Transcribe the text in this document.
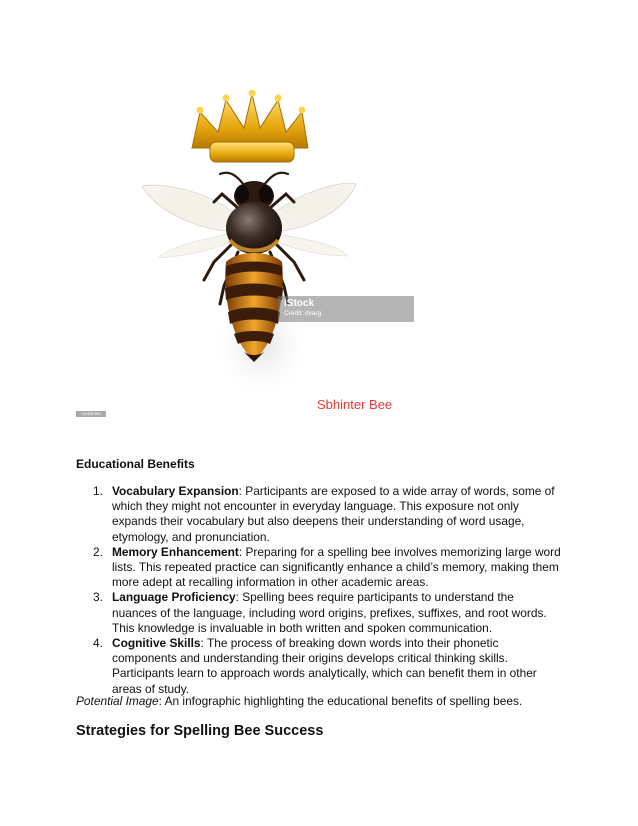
iStock
Credit: dvarg
Sbhinter Bee
1234567890
Educational Benefits
1. Vocabulary Expansion: Participants are exposed to a wide array of words, some of which they might not encounter in everyday language. This exposure not only expands their vocabulary but also deepens their understanding of word usage, etymology, and pronunciation.
2. Memory Enhancement: Preparing for a spelling bee involves memorizing large word lists. This repeated practice can significantly enhance a child’s memory, making them more adept at recalling information in other academic areas.
3. Language Proficiency: Spelling bees require participants to understand the nuances of the language, including word origins, prefixes, suffixes, and root words. This knowledge is invaluable in both written and spoken communication.
4. Cognitive Skills: The process of breaking down words into their phonetic components and understanding their origins develops critical thinking skills. Participants learn to approach words analytically, which can benefit them in other areas of study.
Potential Image: An infographic highlighting the educational benefits of spelling bees.
Strategies for Spelling Bee Success
